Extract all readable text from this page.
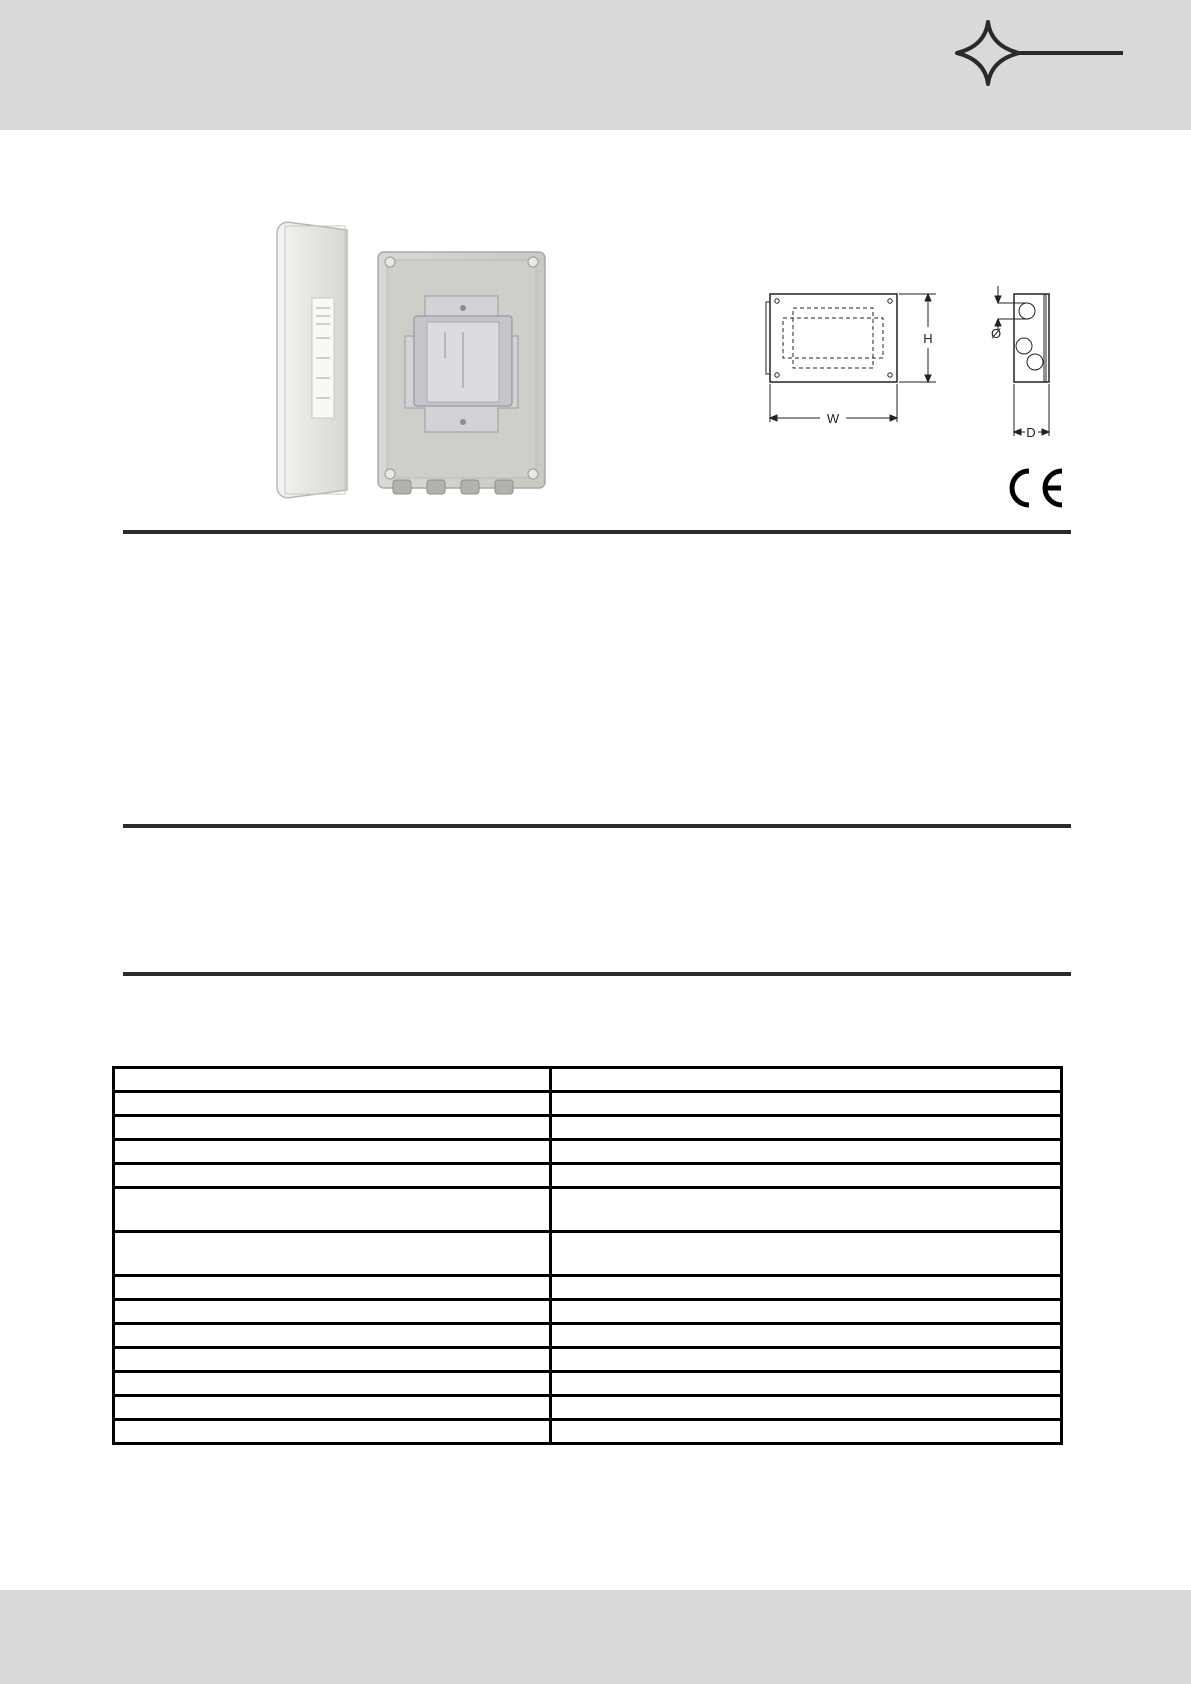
W
H	Ø
D
